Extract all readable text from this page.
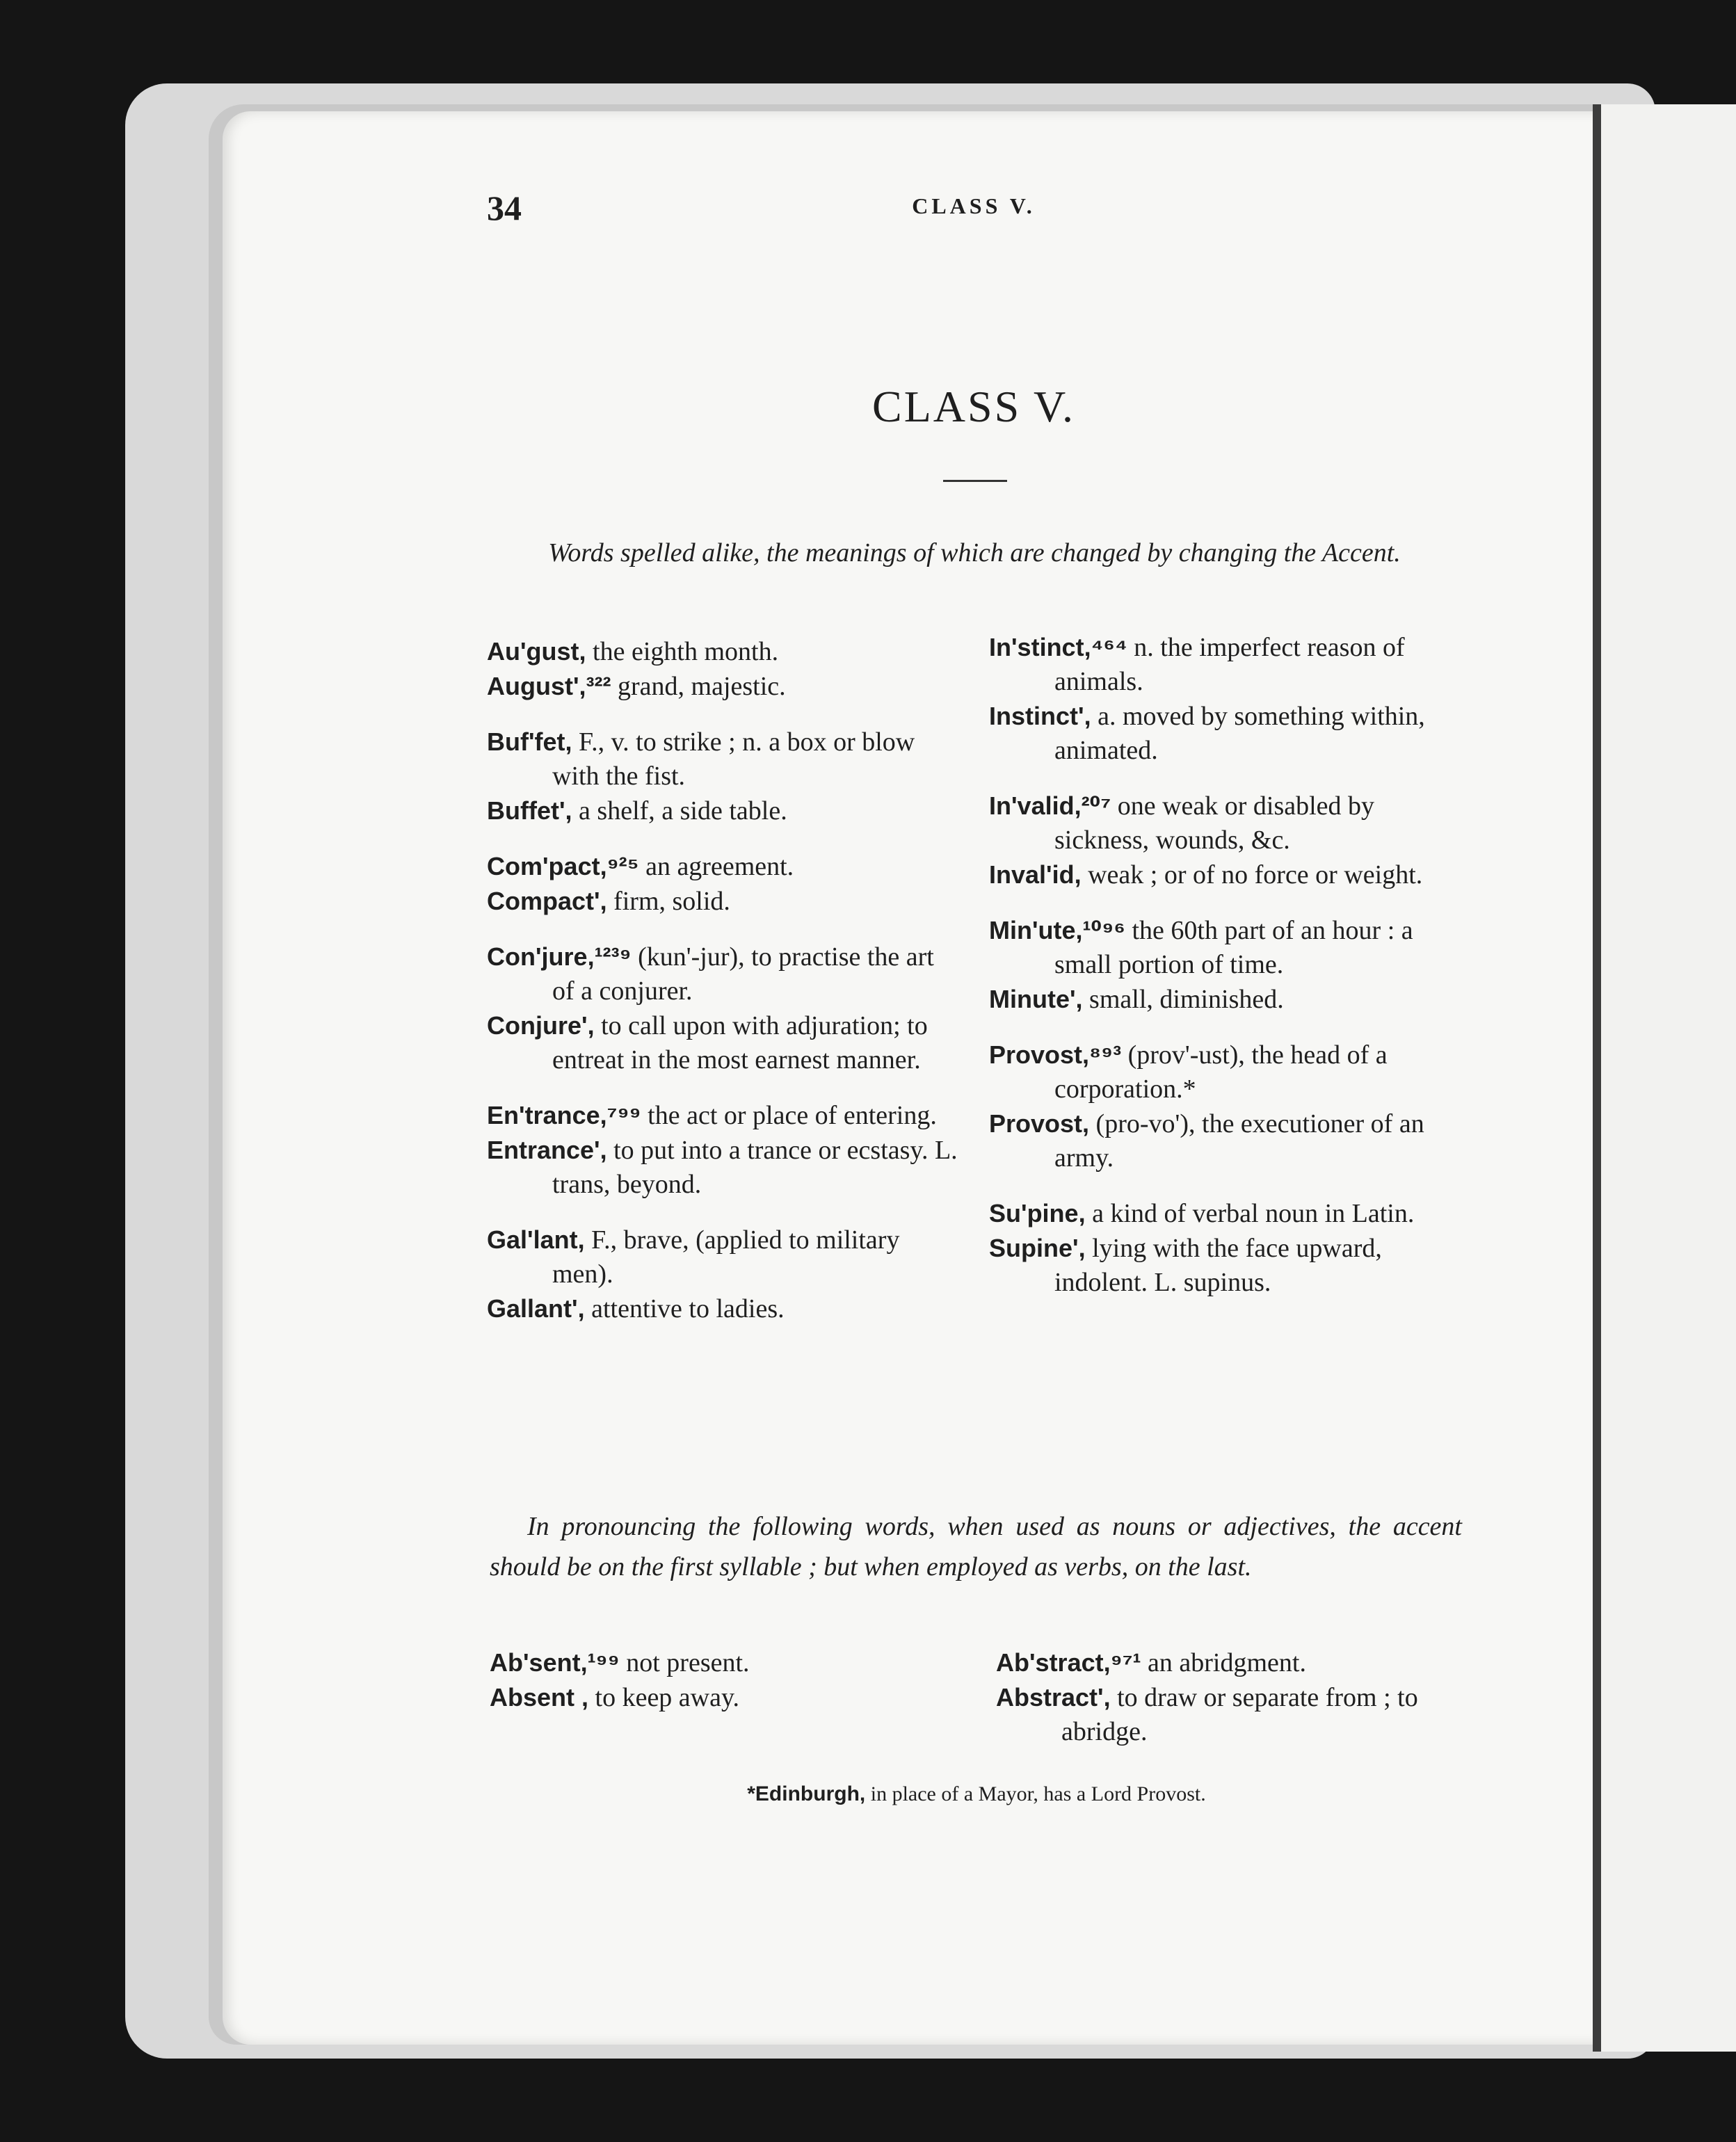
34	CLASS V.
CLASS V.
Words spelled alike, the meanings of which are changed by changing the Accent.
Au'gust, the eighth month.
August',³²² grand, majestic.
Buf'fet, F., v. to strike ; n. a box or blow with the fist.
Buffet', a shelf, a side table.
Com'pact,⁹²⁵ an agreement.
Compact', firm, solid.
Con'jure,¹²³⁹ (kun'-jur), to practise the art of a conjurer.
Conjure', to call upon with adjuration; to entreat in the most earnest manner.
En'trance,⁷⁹⁹ the act or place of entering.
Entrance', to put into a trance or ecstasy. L. trans, beyond.
Gal'lant, F., brave, (applied to military men).
Gallant', attentive to ladies.
In'stinct,⁴⁶⁴ n. the imperfect reason of animals.
Instinct', a. moved by something within, animated.
In'valid,²⁰⁷ one weak or disabled by sickness, wounds, &c.
Inval'id, weak ; or of no force or weight.
Min'ute,¹⁰⁹⁶ the 60th part of an hour : a small portion of time.
Minute', small, diminished.
Provost,⁸⁹³ (prov'-ust), the head of a corporation.*
Provost, (pro-vo'), the executioner of an army.
Su'pine, a kind of verbal noun in Latin.
Supine', lying with the face upward, indolent. L. supinus.
In pronouncing the following words, when used as nouns or adjectives, the accent should be on the first syllable ; but when employed as verbs, on the last.
Ab'sent,¹⁹⁹ not present.
Absent , to keep away.
Ab'stract,⁹⁷¹ an abridgment.
Abstract', to draw or separate from ; to abridge.
*Edinburgh, in place of a Mayor, has a Lord Provost.
